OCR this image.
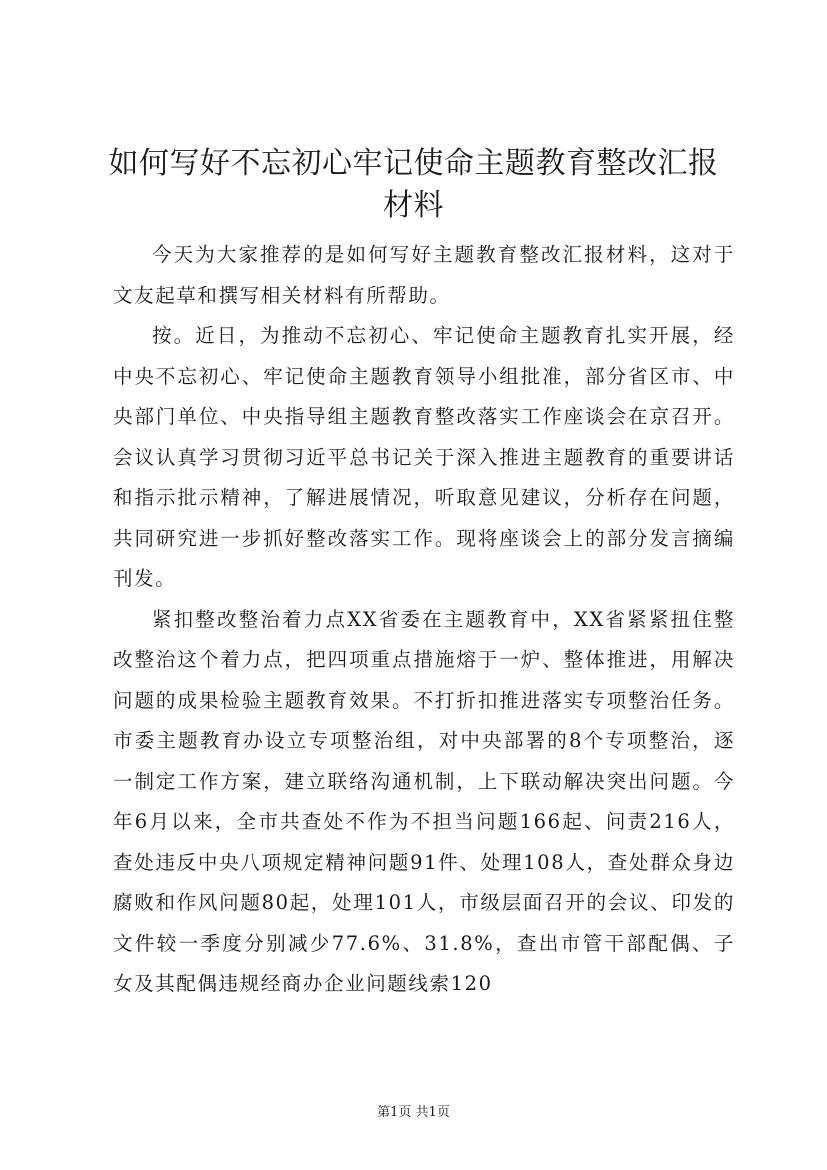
如何写好不忘初心牢记使命主题教育整改汇报
材料

今天为大家推荐的是如何写好主题教育整改汇报材料，这对于文友起草和撰写相关材料有所帮助。

按。近日，为推动不忘初心、牢记使命主题教育扎实开展，经中央不忘初心、牢记使命主题教育领导小组批准，部分省区市、中央部门单位、中央指导组主题教育整改落实工作座谈会在京召开。会议认真学习贯彻习近平总书记关于深入推进主题教育的重要讲话和指示批示精神，了解进展情况，听取意见建议，分析存在问题，共同研究进一步抓好整改落实工作。现将座谈会上的部分发言摘编刊发。

紧扣整改整治着力点XX省委在主题教育中，XX省紧紧扭住整改整治这个着力点，把四项重点措施熔于一炉、整体推进，用解决问题的成果检验主题教育效果。不打折扣推进落实专项整治任务。市委主题教育办设立专项整治组，对中央部署的8个专项整治，逐一制定工作方案，建立联络沟通机制，上下联动解决突出问题。今年6月以来，全市共查处不作为不担当问题166起、问责216人，查处违反中央八项规定精神问题91件、处理108人，查处群众身边腐败和作风问题80起，处理101人，市级层面召开的会议、印发的文件较一季度分别减少77.6%、31.8%，查出市管干部配偶、子女及其配偶违规经商办企业问题线索120

第1页 共1页
